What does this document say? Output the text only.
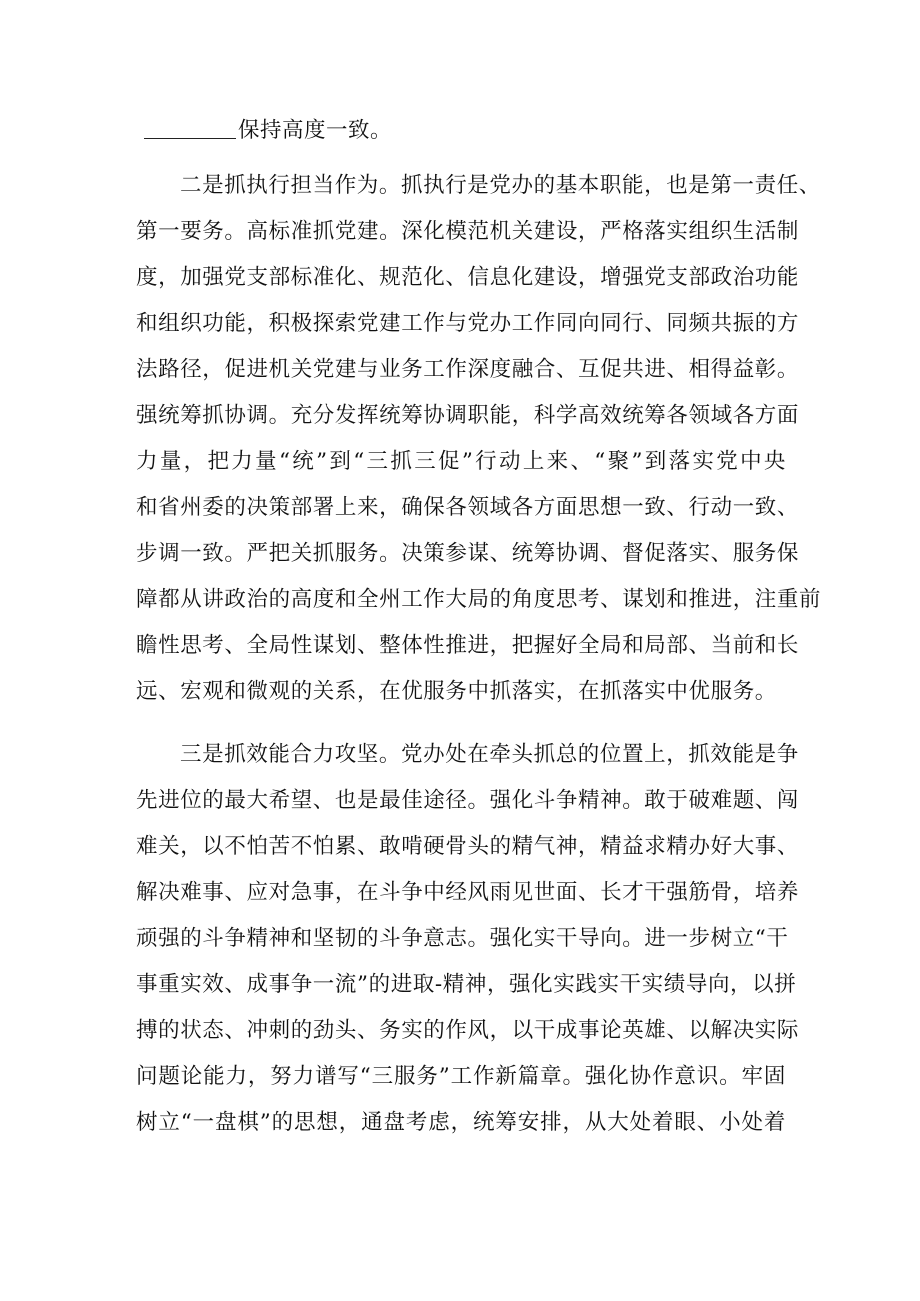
保持高度一致。
二是抓执行担当作为。抓执行是党办的基本职能，也是第一责任、
第一要务。高标准抓党建。深化模范机关建设，严格落实组织生活制
度，加强党支部标准化、规范化、信息化建设，增强党支部政治功能
和组织功能，积极探索党建工作与党办工作同向同行、同频共振的方
法路径，促进机关党建与业务工作深度融合、互促共进、相得益彰。
强统筹抓协调。充分发挥统筹协调职能，科学高效统筹各领域各方面
力量，把力量“统”到“三抓三促”行动上来、“聚”到落实党中央
和省州委的决策部署上来，确保各领域各方面思想一致、行动一致、
步调一致。严把关抓服务。决策参谋、统筹协调、督促落实、服务保
障都从讲政治的高度和全州工作大局的角度思考、谋划和推进，注重前
瞻性思考、全局性谋划、整体性推进，把握好全局和局部、当前和长
远、宏观和微观的关系，在优服务中抓落实，在抓落实中优服务。
三是抓效能合力攻坚。党办处在牵头抓总的位置上，抓效能是争
先进位的最大希望、也是最佳途径。强化斗争精神。敢于破难题、闯
难关，以不怕苦不怕累、敢啃硬骨头的精气神，精益求精办好大事、
解决难事、应对急事，在斗争中经风雨见世面、长才干强筋骨，培养
顽强的斗争精神和坚韧的斗争意志。强化实干导向。进一步树立“干
事重实效、成事争一流”的进取-精神，强化实践实干实绩导向，以拼
搏的状态、冲刺的劲头、务实的作风，以干成事论英雄、以解决实际
问题论能力，努力谱写“三服务”工作新篇章。强化协作意识。牢固
树立“一盘棋”的思想，通盘考虑，统筹安排，从大处着眼、小处着
